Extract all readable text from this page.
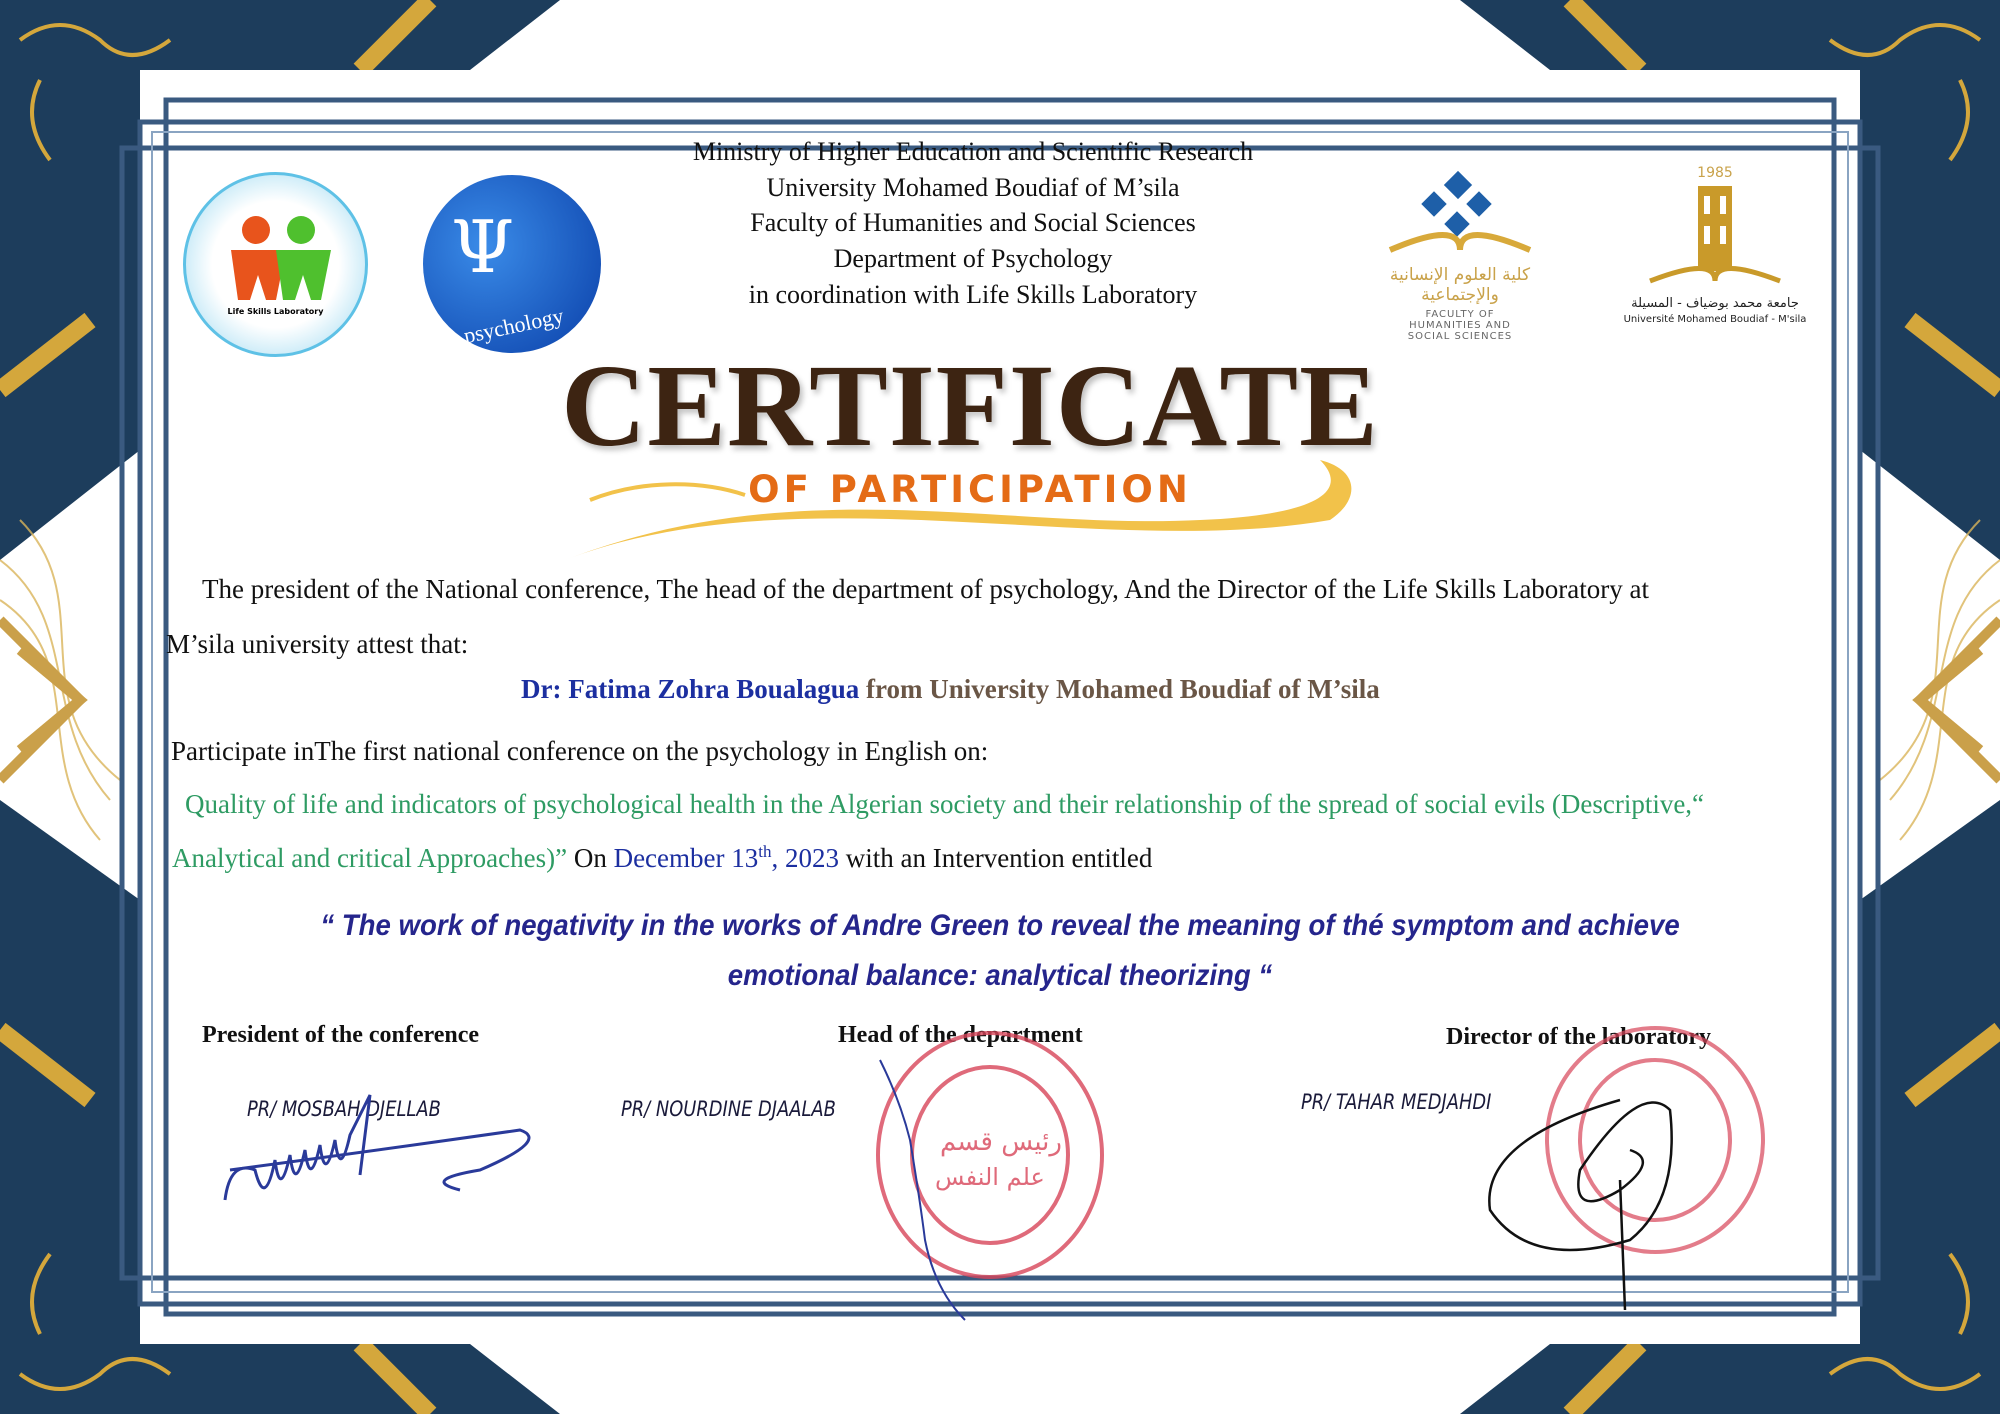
Life Skills Laboratory
Ψ
psychology
كلية العلوم الإنسانية والإجتماعية
FACULTY OF HUMANITIES AND SOCIAL SCIENCES
1985
جامعة محمد بوضياف - المسيلة
Université Mohamed Boudiaf - M'sila
Ministry of Higher Education and Scientific Research
University Mohamed Boudiaf of M’sila
Faculty of Humanities and Social Sciences
Department of Psychology
in coordination with Life Skills Laboratory
CERTIFICATE
OF PARTICIPATION
The president of the National conference, The head of the department of psychology, And the Director of the Life Skills Laboratory at
M’sila university attest that:
Dr: Fatima Zohra Boualagua from University Mohamed Boudiaf of M’sila
Participate inThe first national conference on the psychology in English on:
Quality of life and indicators of psychological health in the Algerian society and their relationship of the spread of social evils (Descriptive,“
Analytical and critical Approaches)” On December 13th, 2023 with an Intervention entitled
“ The work of negativity in the works of Andre Green to reveal the meaning of thé symptom and achieve
emotional balance: analytical theorizing “
President of the conference	Head of the department	Director of the laboratory
PR/ MOSBAH DJELLAB	PR/ NOURDINE DJAALAB	PR/ TAHAR MEDJAHDI
رئيس قسم
علم النفس
